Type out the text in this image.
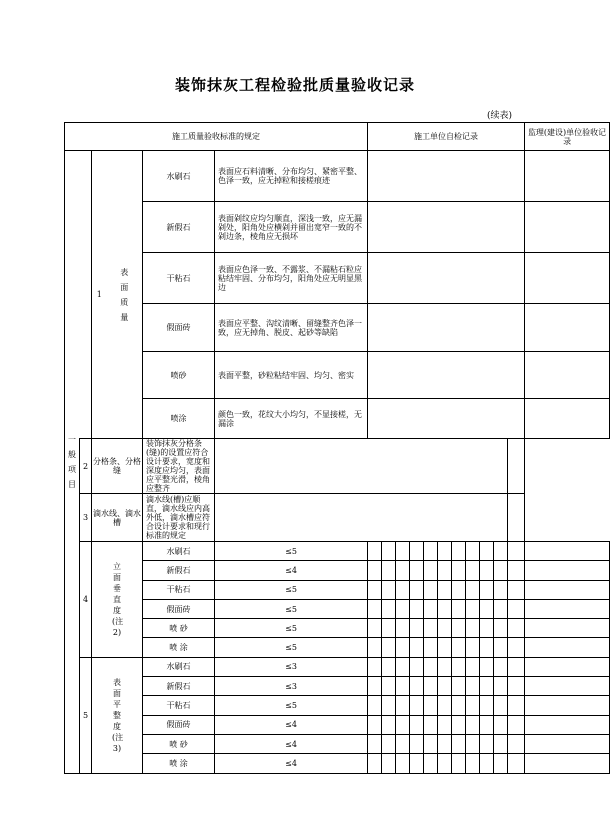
装饰抹灰工程检验批质量验收记录
(续表)
施工质量验收标准的规定						施工单位自检记录											监理(建设)单位验收记录
一般项目		1	表面质量	水刷石	表面应石料清晰、分布均匀、紧密平整、色泽一致，应无掉粒和接槎痕迹												
				新假石	表面剁纹应均匀顺直，深浅一致，应无漏剁处，阳角处应横剁并留出宽窄一致的不剁边条，棱角应无损坏												
				干粘石	表面应色泽一致、不露浆、不漏粘石粒应粘结牢固、分布均匀，阳角处应无明显黑边												
				假面砖	表面应平整、沟纹清晰、留缝整齐色泽一致，应无掉角、脱皮、起砂等缺陷												
				喷砂	表面平整，砂粒粘结牢固、均匀、密实												
				喷涂	颜色一致，花纹大小均匀，不显接槎，无漏涂												
	2	分格条、分格缝		装饰抹灰分格条(缝)的设置应符合设计要求，宽度和深度应均匀，表面应平整光滑，棱角应整齐													
	3	滴水线、滴水槽		滴水线(槽)应顺直，滴水线应内高外低，滴水槽应符合设计要求和现行标准的规定													
	4	立面垂直度(注2)		水刷石	≤5												
				新假石	≤4												
				干粘石	≤5												
				假面砖	≤5												
				喷 砂	≤5												
				喷 涂	≤5												
	5	表面平整度(注3)		水刷石	≤3												
				新假石	≤3												
				干粘石	≤5												
				假面砖	≤4												
				喷 砂	≤4												
				喷 涂	≤4												
